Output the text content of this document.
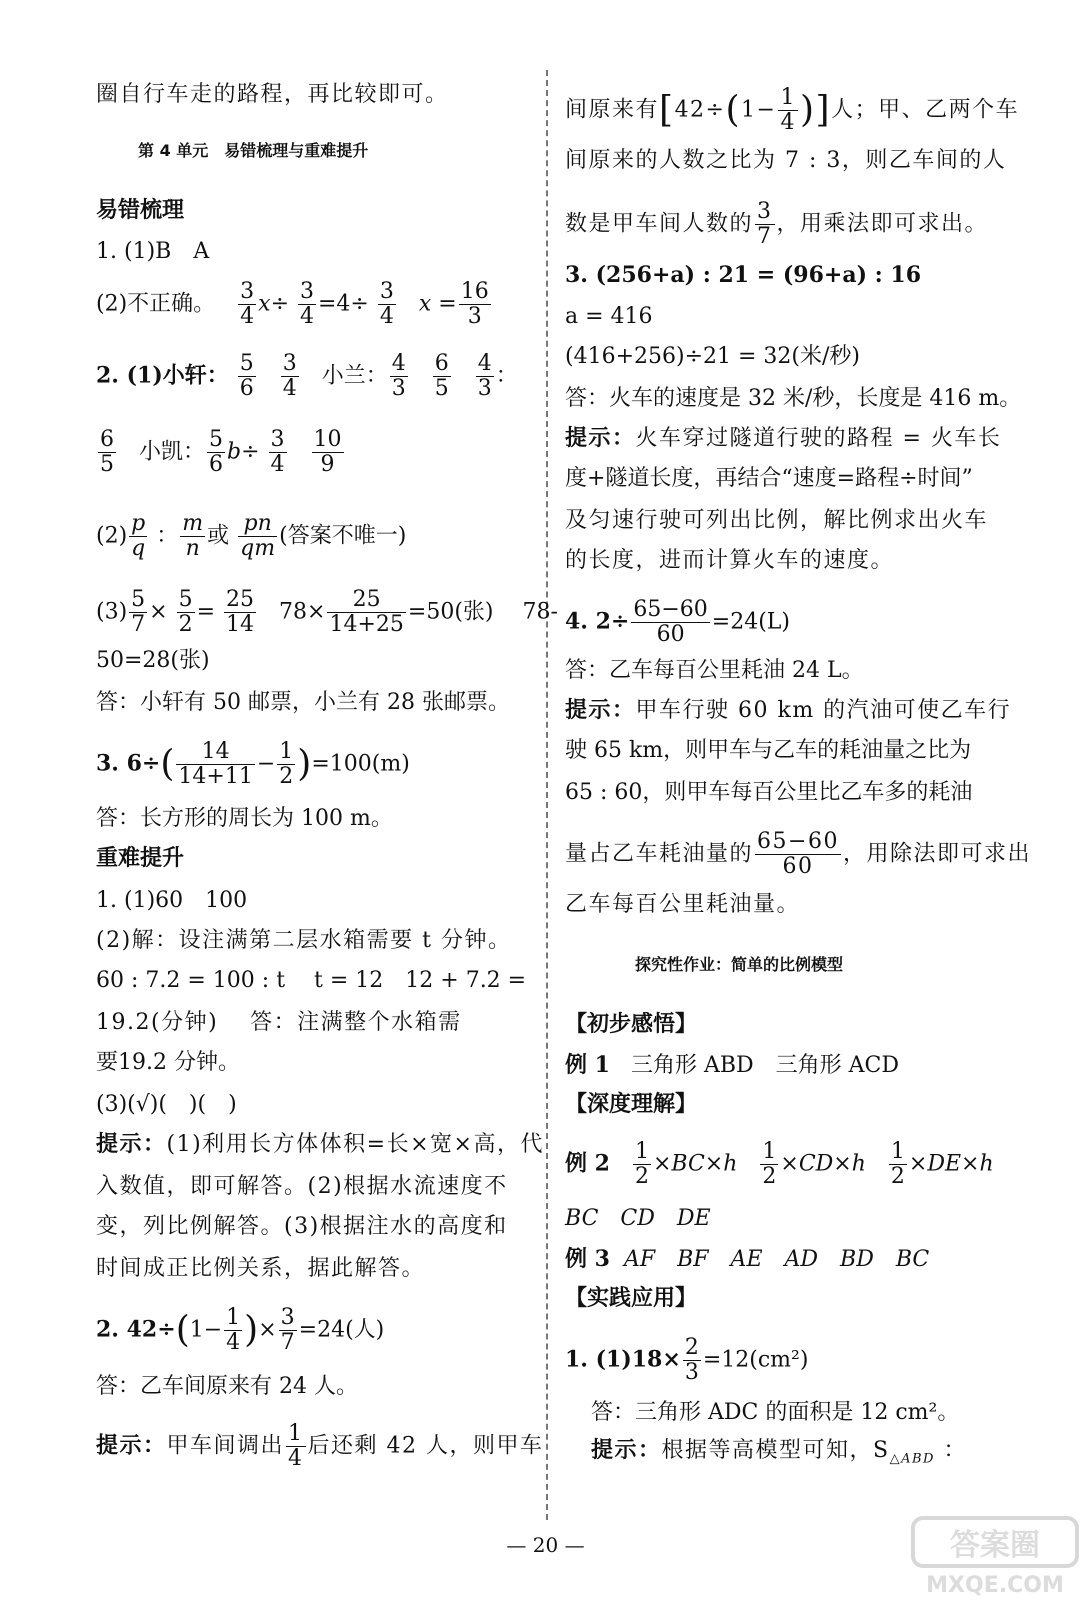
圈自行车走的路程，再比较即可。
第 4 单元　易错梳理与重难提升
易错梳理
1. (1)B　A
(2)不正确。 $\frac{3}{4} x\div \frac{3}{4} =4\div \frac{3}{4}$ $x = \frac{16}{3}$
2. (1)小轩： $\frac{5}{6}$
$\frac{3}{4}$ 小兰： $\frac{4}{3}$
$\frac{6}{5}$
$\frac{4}{3}$ ：
$\frac{6}{5}$ 小凯： $\frac{5}{6} b\div \frac{3}{4}$
$\frac{10}{9}$
$(2) \frac{p}{q}$ ： $\frac{m}{n}$ 或 $\frac{pn}{qm}$ (答案不唯一)
$(3) \frac{5}{7} \times \frac{5}{2} = \frac{25}{14} 78\times \frac{25}{14+25} =50$(张)　 78-
50=28(张)
答：小轩有 50 邮票，小兰有 28 张邮票。
3. $6\div( \frac{14}{14+11} - \frac{1}{2} )=100(m)$
答：长方形的周长为 100 m。
重难提升
1. (1)60　100
(2)解：设注满第二层水箱需要 t 分钟。
60 : 7.2 = 100 : t　 t = 12　12 + 7.2 =
19.2(分钟)　 答：注满整个水箱需
要19.2 分钟。
(3)(√)(　)(　)
提示：(1)利用长方体体积=长×宽×高，代
入数值，即可解答。(2)根据水流速度不
变，列比例解答。(3)根据注水的高度和
时间成正比例关系，据此解答。
2. $42\div(1- \frac{1}{4}$ )× $\frac{3}{7} =24$(人)
答：乙车间原来有 24 人。
提示：甲车间调出 $\frac{1}{4}$ 后还剩 42 人，则甲车
间原来有[$42\div(1- \frac{1}{4}$ )]人；甲、乙两个车
间原来的人数之比为 7 : 3，则乙车间的人
数是甲车间人数的 $\frac{3}{7}$ ，用乘法即可求出。
3. (256+a) : 21 = (96+a) : 16
a = 416
(416+256)÷21 = 32(米/秒)
答：火车的速度是 32 米/秒，长度是 416 m。
提示：火车穿过隧道行驶的路程 = 火车长
度+隧道长度，再结合“速度=路程÷时间”
及匀速行驶可列出比例，解比例求出火车
的长度，进而计算火车的速度。
4. $2\div \frac{65-60}{60} =24(L)$
答：乙车每百公里耗油 24 L。
提示：甲车行驶 60 km 的汽油可使乙车行
驶 65 km，则甲车与乙车的耗油量之比为
65 : 60，则甲车每百公里比乙车多的耗油
量占乙车耗油量的 $\frac{65-60}{60}$ ，用除法即可求出
乙车每百公里耗油量。
探究性作业：简单的比例模型
【初步感悟】
例 1 三角形 ABD　三角形 ACD
【深度理解】
例 $2 \frac{1}{2} \times BC\times h \frac{1}{2} \times CD\times h \frac{1}{2} \times DE\times h$
BC　CD　DE
例 3 AF　BF　AE　AD　BD　BC
【实践应用】
1. $(1)18\times \frac{2}{3} =12(cm^2)$
答：三角形 ADC 的面积是 12 cm²。
提示：根据等高模型可知，$S_{\triangle ABD}$ ：
— 20 —	答案圈
MXQE.COM
